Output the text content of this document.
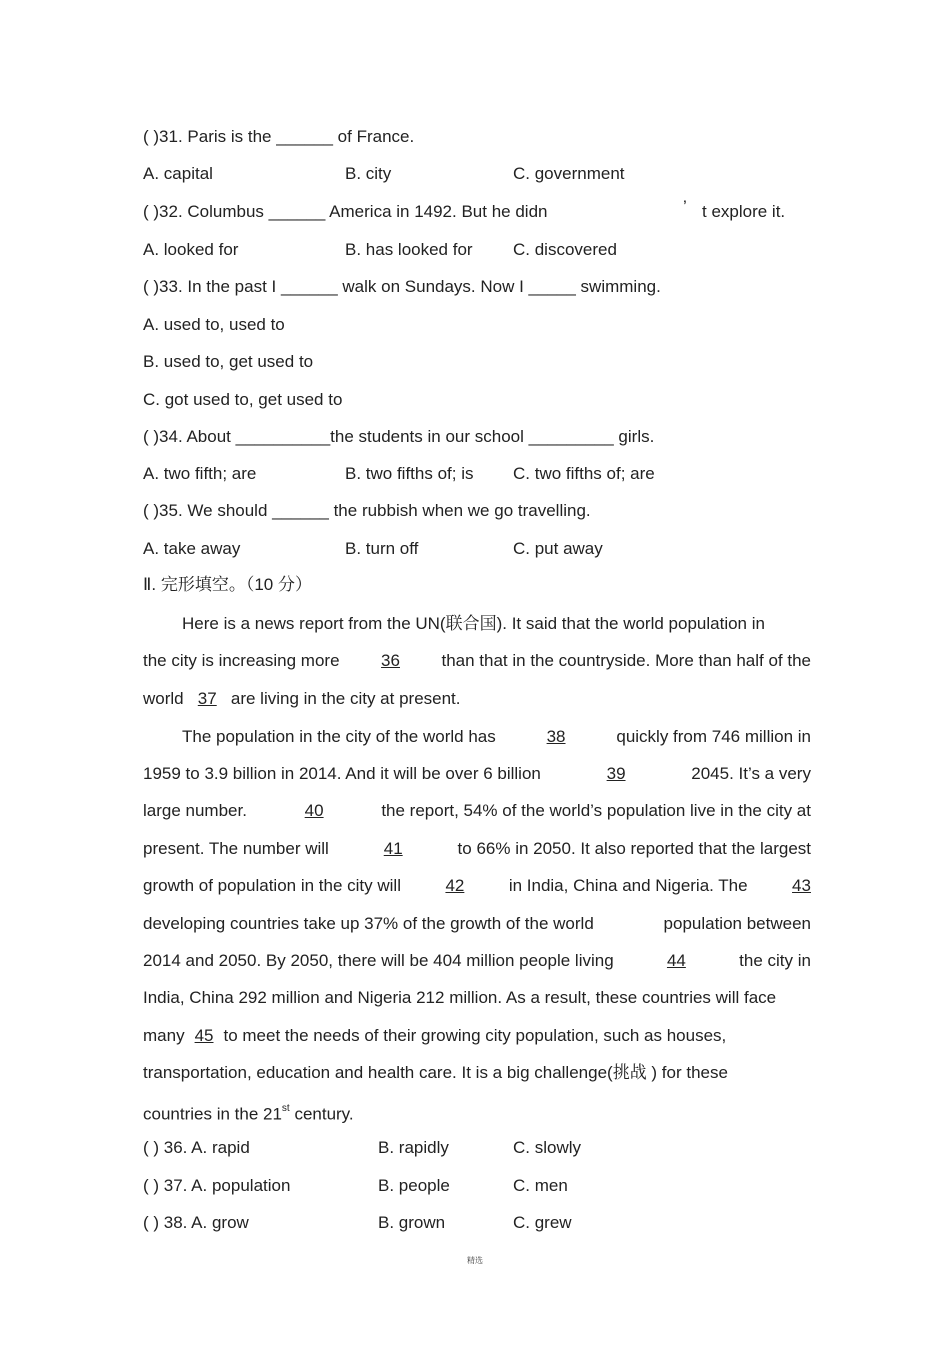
( )31. Paris is the ______ of France.
A. capital	B. city	C. government
( )32. Columbus ______ America in 1492. But he didn	’ t explore it.
A. looked for	B. has looked for C. discovered
( )33. In the past I ______ walk on Sundays. Now I _____ swimming.
A. used to, used to
B. used to, get used to
C. got used to, get used to
( )34. About __________the students in our school _________ girls.
A. two fifth; are	B. two fifths of; is C. two fifths of; are
( )35. We should ______ the rubbish when we go travelling.
A. take away	B. turn off	C. put away
Ⅱ. 完形填空。（10 分）
Here is a news report from the UN(联合国). It said that the world population in
the city is increasing more 36 than that in the countryside. More than half of the
world   37   are living in the city at present.
The population in the city of the world has	38	quickly from 746 million in
1959 to 3.9 billion in 2014. And it will be over 6 billion	39	2045. It’s a very
large number.	40	the report, 54% of the world’s population live in the city at
present. The number will	41	to 66% in 2050. It also reported that the largest
growth of population in the city will	42	in India, China and Nigeria. The	43
developing countries take up 37% of the growth of the world	population between
2014 and 2050. By 2050, there will be 404 million people living	44	the city in
India, China 292 million and Nigeria 212 million. As a result, these countries will face
many 45 to meet the needs of their growing city population, such as houses,
transportation, education and health care. It is a big challenge(挑战 ) for these
countries in the 21st century.
( ) 36. A. rapid	B. rapidly	C. slowly
( ) 37. A. population	B. people	C. men
( ) 38. A. grow	B. grown	C. grew
精选
